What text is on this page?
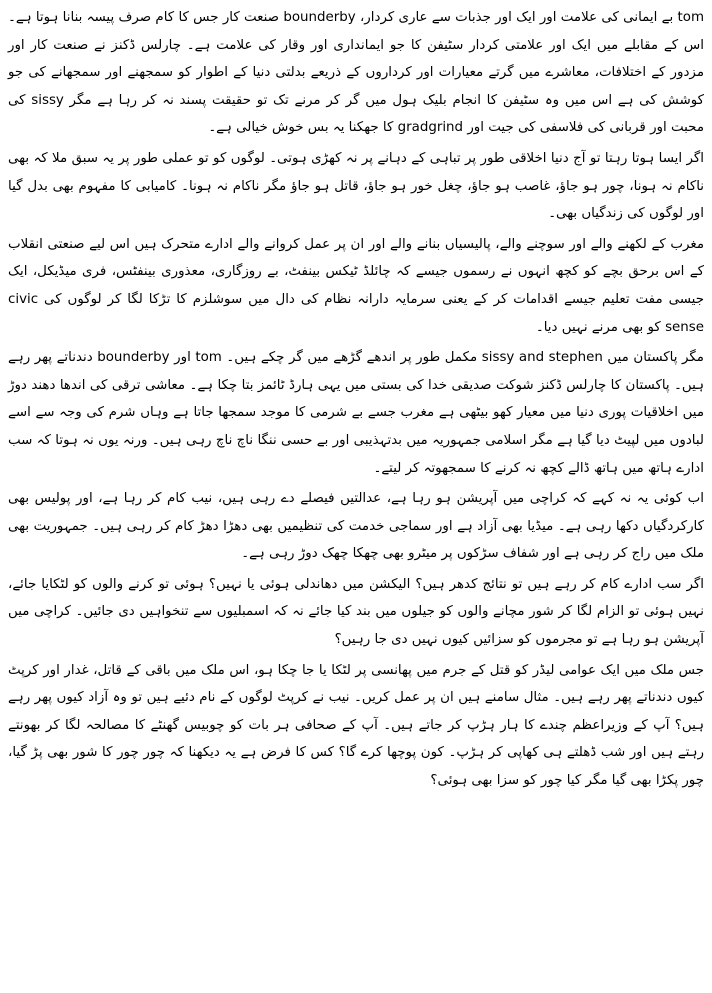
tom بے ایمانی کی علامت اور ایک اور جذبات سے عاری کردار، bounderby صنعت کار جس کا کام صرف پیسہ بنانا ہوتا ہے۔ اس کے مقابلے میں ایک اور علامتی کردار سٹیفن کا جو ایمانداری اور وقار کی علامت ہے۔ چارلس ڈکنز نے صنعت کار اور مزدور کے اختلافات، معاشرے میں گرتے معیارات اور کرداروں کے ذریعے بدلتی دنیا کے اطوار کو سمجھنے اور سمجھانے کی جو کوشش کی ہے اس میں وہ سٹیفن کا انجام بلیک ہول میں گر کر مرنے تک تو حقیقت پسند نہ کر رہا ہے مگر sissy کی محبت اور قربانی کی فلاسفی کی جیت اور gradgrind کا جھکنا یہ بس خوش خیالی ہے۔

اگر ایسا ہوتا رہتا تو آج دنیا اخلاقی طور پر تباہی کے دہانے پر نہ کھڑی ہوتی۔ لوگوں کو تو عملی طور پر یہ سبق ملا کہ بھی ناکام نہ ہونا، چور ہو جاؤ، غاصب ہو جاؤ، چغل خور ہو جاؤ، قاتل ہو جاؤ مگر ناکام نہ ہونا۔ کامیابی کا مفہوم بھی بدل گیا اور لوگوں کی زندگیاں بھی۔

مغرب کے لکھنے والے اور سوچنے والے، پالیسیاں بنانے والے اور ان پر عمل کروانے والے ادارے متحرک ہیں اس لیے صنعتی انقلاب کے اس برحق بچے کو کچھ انہوں نے رسموں جیسے کہ چائلڈ ٹیکس بینفٹ، بے روزگاری، معذوری بینفٹس، فری میڈیکل، ایک جیسی مفت تعلیم جیسے اقدامات کر کے یعنی سرمایہ دارانہ نظام کی دال میں سوشلزم کا تڑکا لگا کر لوگوں کی civic sense کو بھی مرنے نہیں دیا۔

مگر پاکستان میں sissy and stephen مکمل طور پر اندھے گڑھے میں گر چکے ہیں۔ tom اور bounderby دندناتے پھر رہے ہیں۔ پاکستان کا چارلس ڈکنز شوکت صدیقی خدا کی بستی میں یہی ہارڈ ٹائمز بتا چکا ہے۔ معاشی ترقی کی اندھا دھند دوڑ میں اخلاقیات پوری دنیا میں معیار کھو بیٹھی ہے مغرب جسے بے شرمی کا موجد سمجھا جاتا ہے وہاں شرم کی وجہ سے اسے لبادوں میں لپیٹ دیا گیا ہے مگر اسلامی جمہوریہ میں بدتہذیبی اور بے حسی ننگا ناچ ناچ رہی ہیں۔ ورنہ یوں نہ ہوتا کہ سب ادارے ہاتھ میں ہاتھ ڈالے کچھ نہ کرنے کا سمجھوتہ کر لیتے۔

اب کوئی یہ نہ کہے کہ کراچی میں آپریشن ہو رہا ہے، عدالتیں فیصلے دے رہی ہیں، نیب کام کر رہا ہے، اور پولیس بھی کارکردگیاں دکھا رہی ہے۔ میڈیا بھی آزاد ہے اور سماجی خدمت کی تنظیمیں بھی دھڑا دھڑ کام کر رہی ہیں۔ جمہوریت بھی ملک میں راج کر رہی ہے اور شفاف سڑکوں پر میٹرو بھی چھکا چھک دوڑ رہی ہے۔

اگر سب ادارے کام کر رہے ہیں تو نتائج کدھر ہیں؟ الیکشن میں دھاندلی ہوئی یا نہیں؟ ہوئی تو کرنے والوں کو لٹکایا جائے، نہیں ہوئی تو الزام لگا کر شور مچانے والوں کو جیلوں میں بند کیا جائے نہ کہ اسمبلیوں سے تنخواہیں دی جائیں۔ کراچی میں آپریشن ہو رہا ہے تو مجرموں کو سزائیں کیوں نہیں دی جا رہیں؟

جس ملک میں ایک عوامی لیڈر کو قتل کے جرم میں پھانسی پر لٹکا یا جا چکا ہو، اس ملک میں باقی کے قاتل، غدار اور کرپٹ کیوں دندناتے پھر رہے ہیں۔ مثال سامنے ہیں ان پر عمل کریں۔ نیب نے کرپٹ لوگوں کے نام دئیے ہیں تو وہ آزاد کیوں پھر رہے ہیں؟ آپ کے وزیراعظم چندے کا ہار ہڑپ کر جاتے ہیں۔ آپ کے صحافی ہر بات کو چوبیس گھنٹے کا مصالحہ لگا کر بھونتے رہتے ہیں اور شب ڈھلتے ہی کھاپی کر ہڑپ۔ کون پوچھا کرے گا؟ کس کا فرض ہے یہ دیکھنا کہ چور چور کا شور بھی پڑ گیا، چور پکڑا بھی گیا مگر کیا چور کو سزا بھی ہوئی؟
